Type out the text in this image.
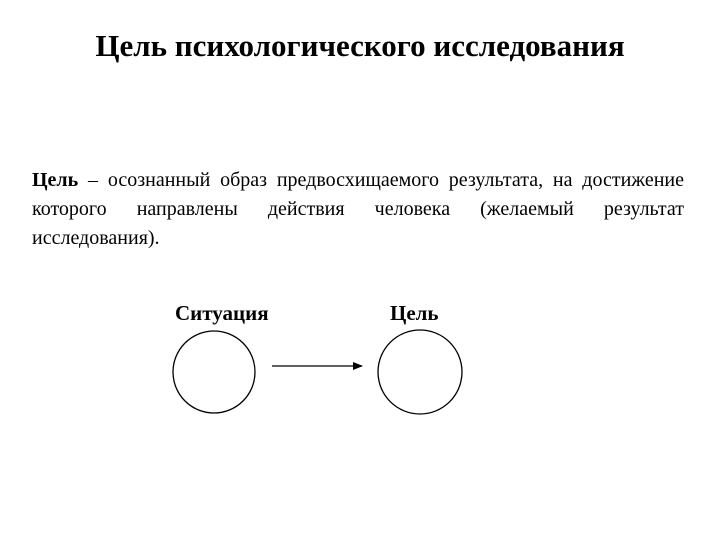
Цель психологического исследования

Цель – осознанный образ предвосхищаемого результата, на достижение которого направлены действия человека (желаемый результат исследования).

Ситуация	Цель
